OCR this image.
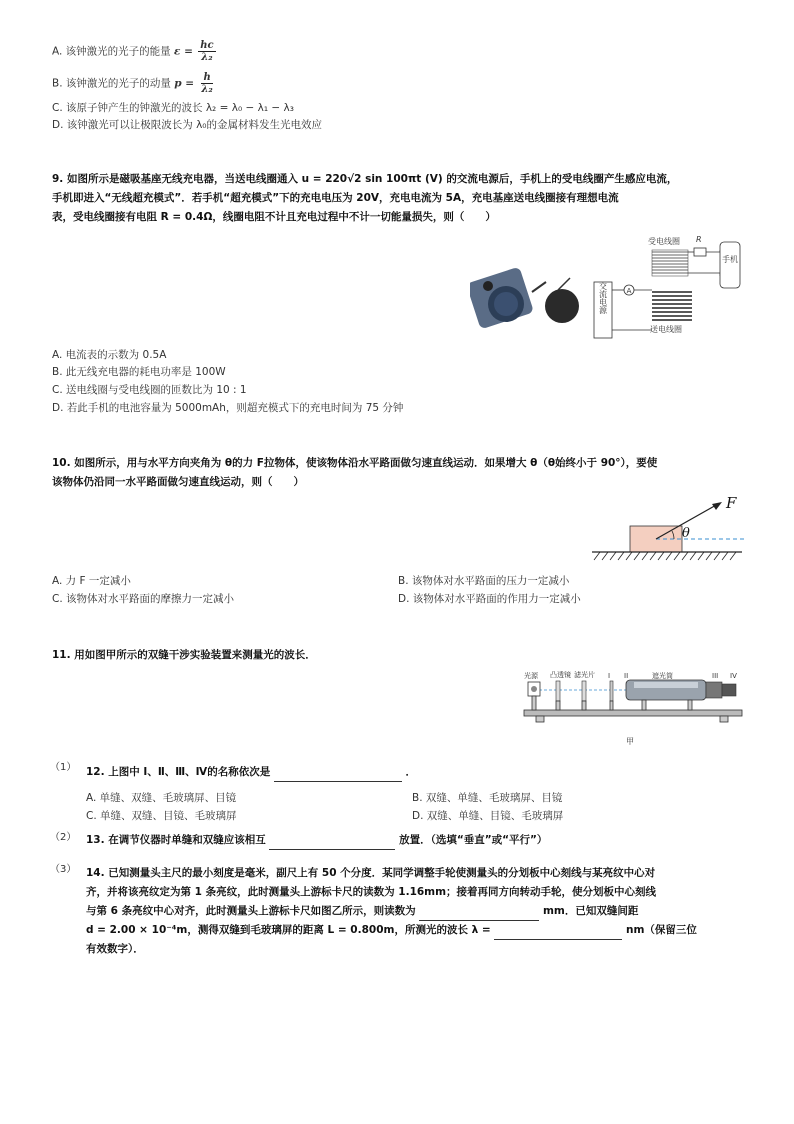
A. 该钟激光的光子的能量 $\varepsilon = \frac{hc}{\text{λ₂}}$
B. 该钟激光的光子的动量 $p = \frac{h}{\text{λ₂}}$
C. 该原子钟产生的钟激光的波长 λ₂ = λ₀ − λ₁ − λ₃
D. 该钟激光可以让极限波长为 λ₀的金属材料发生光电效应
9. 如图所示是磁吸基座无线充电器，当送电线圈通入 u = 220√2 sin 100πt (V) 的交流电源后，手机上的受电线圈产生感应电流，
手机即进入“无线超充模式”．若手机“超充模式”下的充电电压为 20V，充电电流为 5A，充电基座送电线圈接有理想电流
表，受电线圈接有电阻 R = 0.4Ω，线圈电阻不计且充电过程中不计一切能量损失，则（　　）
受电线圈 R
手机
交流电源	A
送电线圈
A. 电流表的示数为 0.5A
B. 此无线充电器的耗电功率是 100W
C. 送电线圈与受电线圈的匝数比为 10 : 1
D. 若此手机的电池容量为 5000mAh，则超充模式下的充电时间为 75 分钟
10. 如图所示，用与水平方向夹角为 θ的力 F拉物体，使该物体沿水平路面做匀速直线运动．如果增大 θ（θ始终小于 90°），要使
该物体仍沿同一水平路面做匀速直线运动，则（　　）
F
θ
A. 力 F 一定减小	B. 该物体对水平路面的压力一定减小
C. 该物体对水平路面的摩擦力一定减小	D. 该物体对水平路面的作用力一定减小
11. 用如图甲所示的双缝干涉实验装置来测量光的波长．
光源 凸透镜 滤光片 I II	遮光筒	III IV
甲
（1） 12. 上图中 Ⅰ、Ⅱ、Ⅲ、Ⅳ的名称依次是	．
A. 单缝、双缝、毛玻璃屏、目镜	B. 双缝、单缝、毛玻璃屏、目镜
C. 单缝、双缝、目镜、毛玻璃屏	D. 双缝、单缝、目镜、毛玻璃屏
（2） 13. 在调节仪器时单缝和双缝应该相互	放置．（选填“垂直”或“平行”）
（3） 14. 已知测量头主尺的最小刻度是毫米，副尺上有 50 个分度．某同学调整手轮使测量头的分划板中心刻线与某亮纹中心对
齐，并将该亮纹定为第 1 条亮纹，此时测量头上游标卡尺的读数为 1.16mm；接着再同方向转动手轮，使分划板中心刻线
与第 6 条亮纹中心对齐，此时测量头上游标卡尺如图乙所示，则读数为	mm．已知双缝间距
d = 2.00 × 10⁻⁴m，测得双缝到毛玻璃屏的距离 L = 0.800m，所测光的波长 λ =	nm（保留三位
有效数字）．
